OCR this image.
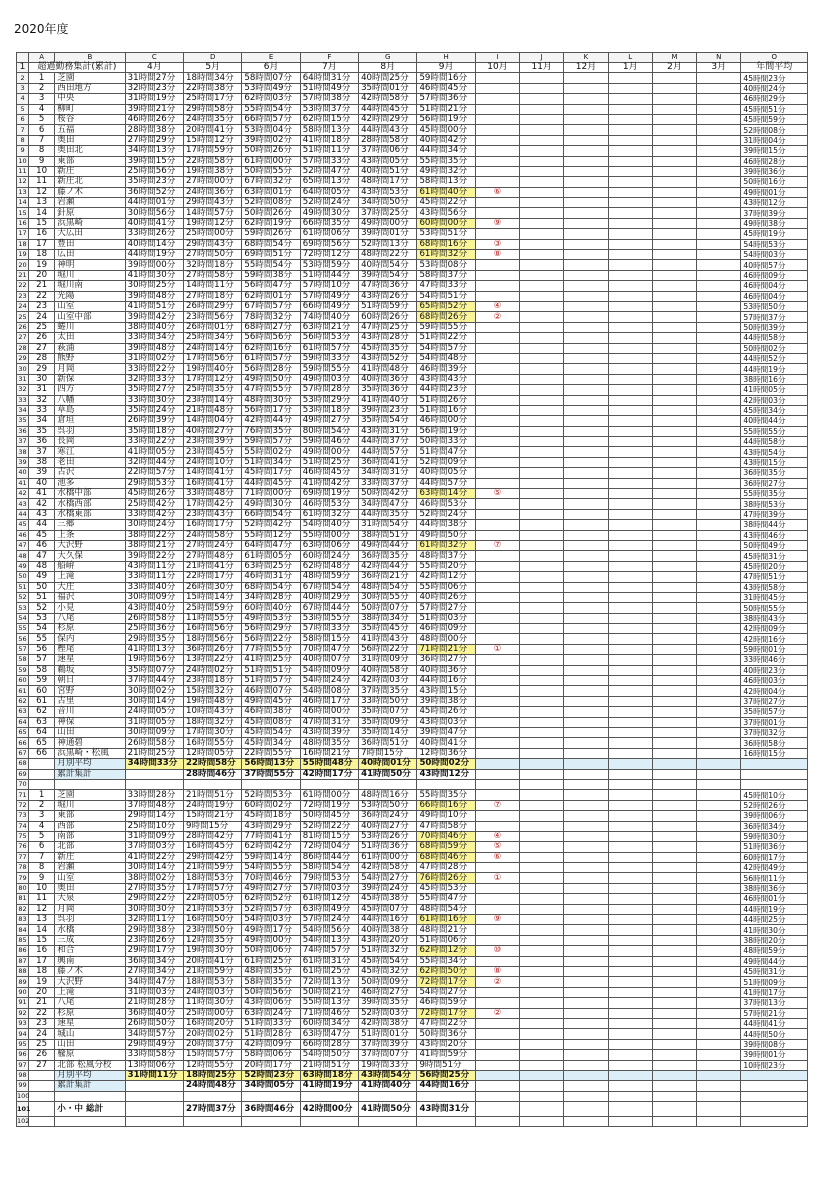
2020年度
	A	B	C	D	E	F	G	H	I	J	K	L	M	N	O
1	超過勤務集計(累計)		4月	5月	6月	7月	8月	9月	10月	11月	12月	1月	2月	3月	年間平均
2	1	芝園	31時間27分	18時間34分	58時間07分	64時間31分	40時間25分	59時間16分							45時間23分
3	2	西田地方	32時間23分	22時間38分	53時間49分	51時間49分	35時間01分	46時間45分							40時間24分
4	3	中央	31時間19分	25時間17分	62時間03分	57時間38分	42時間58分	57時間36分							46時間29分
5	4	柳町	39時間21分	29時間58分	55時間54分	53時間37分	44時間45分	51時間21分							45時間51分
6	5	桜谷	46時間26分	24時間35分	66時間57分	62時間15分	42時間29分	56時間19分							45時間59分
7	6	五福	28時間38分	20時間41分	53時間04分	58時間13分	44時間43分	45時間00分							52時間08分
8	7	奥田	27時間29分	15時間12分	39時間02分	41時間18分	28時間58分	40時間42分							31時間04分
9	8	奥田北	34時間13分	17時間59分	50時間26分	51時間11分	37時間06分	44時間34分							39時間15分
10	9	東部	39時間15分	22時間58分	61時間00分	57時間33分	43時間05分	55時間35分							46時間28分
11	10	新庄	25時間56分	19時間38分	50時間55分	52時間47分	40時間51分	49時間32分							39時間36分
12	11	新庄北	35時間23分	27時間00分	67時間32分	65時間13分	48時間17分	58時間13分							50時間16分
13	12	藤ノ木	36時間52分	24時間36分	63時間01分	64時間05分	43時間53分	61時間40分	⑥						49時間01分
14	13	岩瀬	44時間01分	29時間43分	52時間08分	52時間24分	34時間50分	45時間22分							43時間12分
15	14	針原	30時間56分	14時間57分	50時間26分	49時間30分	37時間25分	43時間56分							37時間39分
16	15	浜黒崎	40時間41分	19時間12分	62時間19分	66時間35分	49時間00分	60時間00分	⑨						49時間38分
17	16	大広田	33時間26分	25時間00分	59時間26分	61時間06分	39時間01分	53時間51分							45時間19分
18	17	豊田	40時間14分	29時間43分	68時間54分	69時間56分	52時間13分	68時間16分	③						54時間53分
19	18	広田	44時間19分	27時間50分	69時間51分	72時間12分	48時間22分	61時間32分	⑧						54時間03分
20	19	神明	39時間00分	32時間18分	55時間54分	53時間59分	40時間54分	53時間08分							40時間57分
21	20	堀川	41時間30分	27時間58分	59時間38分	51時間44分	39時間54分	58時間37分							46時間09分
22	21	堀川南	30時間25分	14時間11分	56時間47分	57時間10分	47時間36分	47時間33分							46時間04分
23	22	光陽	39時間48分	27時間18分	62時間01分	57時間49分	43時間26分	54時間51分							46時間04分
24	23	山室	41時間51分	26時間29分	67時間57分	66時間49分	51時間59分	65時間52分	④						53時間50分
25	24	山室中部	39時間42分	23時間56分	78時間32分	74時間40分	60時間26分	68時間26分	②						57時間37分
26	25	蜷川	38時間40分	26時間01分	68時間27分	63時間21分	47時間25分	59時間55分							50時間39分
27	26	太田	33時間34分	25時間34分	56時間56分	56時間53分	43時間28分	51時間22分							44時間58分
28	27	萩浦	39時間48分	24時間14分	62時間16分	61時間57分	45時間35分	54時間57分							50時間02分
29	28	熊野	31時間02分	17時間56分	61時間57分	59時間33分	43時間52分	54時間48分							44時間52分
30	29	月岡	33時間22分	19時間40分	56時間28分	59時間55分	41時間48分	46時間39分							44時間19分
31	30	新保	32時間33分	17時間12分	49時間50分	49時間03分	40時間36分	43時間43分							38時間16分
32	31	四方	35時間27分	25時間35分	47時間55分	57時間28分	35時間36分	44時間23分							41時間05分
33	32	八幡	33時間30分	23時間14分	48時間30分	53時間29分	41時間40分	51時間26分							42時間03分
34	33	草島	35時間24分	21時間48分	56時間17分	53時間18分	39時間23分	51時間16分							45時間34分
35	34	倉垣	26時間39分	14時間04分	42時間44分	49時間27分	35時間54分	46時間00分							40時間44分
36	35	呉羽	35時間18分	40時間27分	76時間35分	80時間54分	43時間31分	56時間19分							55時間55分
37	36	長岡	33時間22分	23時間39分	59時間57分	59時間46分	44時間37分	50時間33分							44時間58分
38	37	寒江	41時間05分	23時間45分	55時間02分	49時間00分	44時間57分	51時間47分							43時間54分
39	38	老田	32時間44分	24時間10分	51時間34分	51時間25分	36時間41分	52時間09分							43時間15分
40	39	古沢	22時間57分	14時間41分	45時間17分	46時間45分	34時間31分	40時間05分							36時間35分
41	40	池多	29時間53分	16時間41分	44時間45分	41時間42分	33時間37分	44時間57分							36時間27分
42	41	水橋中部	45時間26分	33時間48分	71時間00分	69時間19分	50時間42分	63時間14分	⑤						55時間35分
43	42	水橋西部	25時間42分	17時間42分	49時間30分	46時間53分	34時間47分	46時間53分							38時間53分
44	43	水橋東部	33時間42分	23時間43分	66時間54分	61時間32分	44時間35分	52時間24分							47時間39分
45	44	三郷	30時間24分	16時間17分	52時間42分	54時間40分	31時間54分	44時間38分							38時間44分
46	45	上条	38時間22分	24時間58分	55時間12分	55時間00分	38時間51分	49時間50分							43時間46分
47	46	大沢野	38時間21分	27時間24分	64時間47分	63時間06分	49時間44分	61時間32分	⑦						50時間49分
48	47	大久保	39時間22分	27時間48分	61時間05分	60時間24分	36時間35分	48時間37分							45時間31分
49	48	船峅	43時間11分	21時間41分	63時間25分	62時間48分	42時間44分	55時間20分							45時間20分
50	49	上滝	33時間11分	22時間17分	46時間31分	48時間59分	36時間21分	42時間12分							47時間51分
51	50	大庄	33時間40分	26時間30分	68時間54分	67時間54分	48時間54分	55時間06分							43時間58分
52	51	福沢	30時間09分	15時間14分	34時間28分	40時間29分	30時間55分	40時間26分							31時間45分
53	52	小見	43時間40分	25時間59分	60時間40分	67時間44分	50時間07分	57時間27分							50時間55分
54	53	八尾	26時間58分	11時間55分	49時間53分	53時間55分	38時間34分	51時間03分							38時間43分
55	54	杉原	25時間36分	16時間56分	56時間29分	57時間33分	35時間45分	46時間09分							42時間09分
56	55	保内	29時間35分	18時間56分	56時間22分	58時間15分	41時間43分	48時間00分							42時間16分
57	56	樫尾	41時間13分	36時間26分	77時間55分	70時間47分	56時間22分	71時間21分	①						59時間01分
58	57	速星	19時間56分	13時間22分	41時間25分	40時間07分	31時間09分	36時間27分							33時間46分
59	58	鵜坂	35時間07分	24時間02分	51時間51分	54時間09分	40時間58分	40時間36分							40時間23分
60	59	朝日	37時間44分	23時間18分	51時間57分	54時間24分	42時間03分	44時間16分							46時間03分
61	60	宮野	30時間02分	15時間32分	46時間07分	54時間08分	37時間35分	43時間15分							42時間04分
62	61	古里	30時間14分	19時間48分	49時間45分	46時間17分	33時間50分	39時間38分							37時間27分
63	62	音川	24時間05分	10時間43分	46時間38分	46時間00分	35時間07分	45時間26分							35時間57分
64	63	神保	31時間05分	18時間32分	45時間08分	47時間31分	35時間09分	43時間03分							37時間01分
65	64	山田	30時間09分	17時間30分	45時間54分	43時間39分	35時間14分	39時間47分							37時間32分
66	65	神通碧	26時間58分	16時間55分	45時間34分	48時間35分	36時間51分	40時間41分							36時間58分
67	66	浜黒崎・松風	21時間25分	12時間05分	22時間55分	16時間21分	7時間15分	12時間36分							16時間15分
68		月別平均	34時間33分	22時間58分	56時間13分	55時間48分	40時間01分	50時間02分							
69		累計集計		28時間46分	37時間55分	42時間17分	41時間50分	43時間12分							
70															
71	1	芝園	33時間28分	21時間51分	52時間53分	61時間00分	48時間16分	55時間35分							45時間10分
72	2	堀川	37時間48分	24時間19分	60時間02分	72時間19分	53時間50分	66時間16分	⑦						52時間26分
73	3	東部	29時間14分	15時間21分	45時間18分	50時間45分	36時間24分	49時間10分							39時間06分
74	4	西部	25時間10分	9時間15分	43時間29分	52時間22分	40時間27分	47時間58分							36時間34分
75	5	南部	31時間09分	28時間42分	77時間41分	81時間15分	53時間26分	70時間46分	④						59時間30分
76	6	北部	37時間03分	16時間45分	62時間42分	72時間04分	51時間36分	68時間59分	⑤						51時間36分
77	7	新庄	41時間22分	29時間42分	59時間14分	86時間44分	61時間00分	68時間46分	⑥						60時間17分
78	8	岩瀬	30時間14分	21時間59分	54時間55分	58時間54分	42時間58分	47時間28分							42時間49分
79	9	山室	38時間02分	18時間53分	70時間46分	79時間53分	54時間27分	76時間26分	①						56時間11分
80	10	奥田	27時間35分	17時間57分	49時間27分	57時間03分	39時間24分	45時間53分							38時間36分
81	11	大泉	29時間22分	22時間05分	62時間52分	61時間12分	45時間38分	55時間47分							46時間01分
82	12	月岡	30時間30分	21時間53分	52時間57分	63時間49分	45時間07分	48時間54分							44時間19分
83	13	呉羽	32時間11分	16時間50分	54時間03分	57時間24分	44時間16分	61時間16分	⑨						44時間25分
84	14	水橋	29時間38分	23時間50分	49時間17分	54時間56分	40時間38分	48時間21分							41時間30分
85	15	三成	23時間26分	12時間35分	49時間00分	54時間13分	43時間20分	51時間06分							38時間20分
86	16	和合	29時間17分	19時間30分	50時間06分	74時間57分	51時間32分	62時間12分	⑩						48時間59分
87	17	興南	36時間34分	20時間41分	61時間25分	61時間31分	45時間54分	55時間34分							49時間44分
88	18	藤ノ木	27時間34分	21時間59分	48時間35分	61時間25分	45時間32分	62時間50分	⑧						45時間31分
89	19	大沢野	34時間47分	18時間53分	58時間35分	72時間13分	50時間09分	72時間17分	②						51時間09分
90	20	上滝	31時間03分	24時間03分	50時間56分	50時間21分	46時間27分	54時間27分							41時間17分
91	21	八尾	21時間28分	11時間30分	43時間06分	55時間13分	39時間35分	46時間59分							37時間13分
92	22	杉原	36時間40分	25時間00分	63時間24分	71時間46分	52時間03分	72時間17分	②						57時間21分
93	23	速星	26時間50分	16時間20分	51時間33分	60時間34分	42時間38分	47時間22分							44時間41分
94	24	城山	34時間57分	20時間02分	51時間28分	63時間47分	51時間01分	50時間36分							44時間50分
95	25	山田	29時間49分	20時間37分	42時間09分	66時間28分	37時間39分	43時間20分							39時間08分
96	26	楡原	33時間58分	15時間57分	58時間06分	54時間50分	37時間07分	41時間59分							39時間01分
97	27	北部 松風分校	13時間06分	12時間55分	20時間17分	21時間51分	19時間33分	9時間51分							10時間23分
98		月別平均	31時間11分	18時間25分	52時間23分	63時間18分	43時間54分	56時間25分							
99		累計集計		24時間48分	34時間05分	41時間19分	41時間40分	44時間16分							
100															
101		小・中 総計		27時間37分	36時間46分	42時間00分	41時間50分	43時間31分							
102															
